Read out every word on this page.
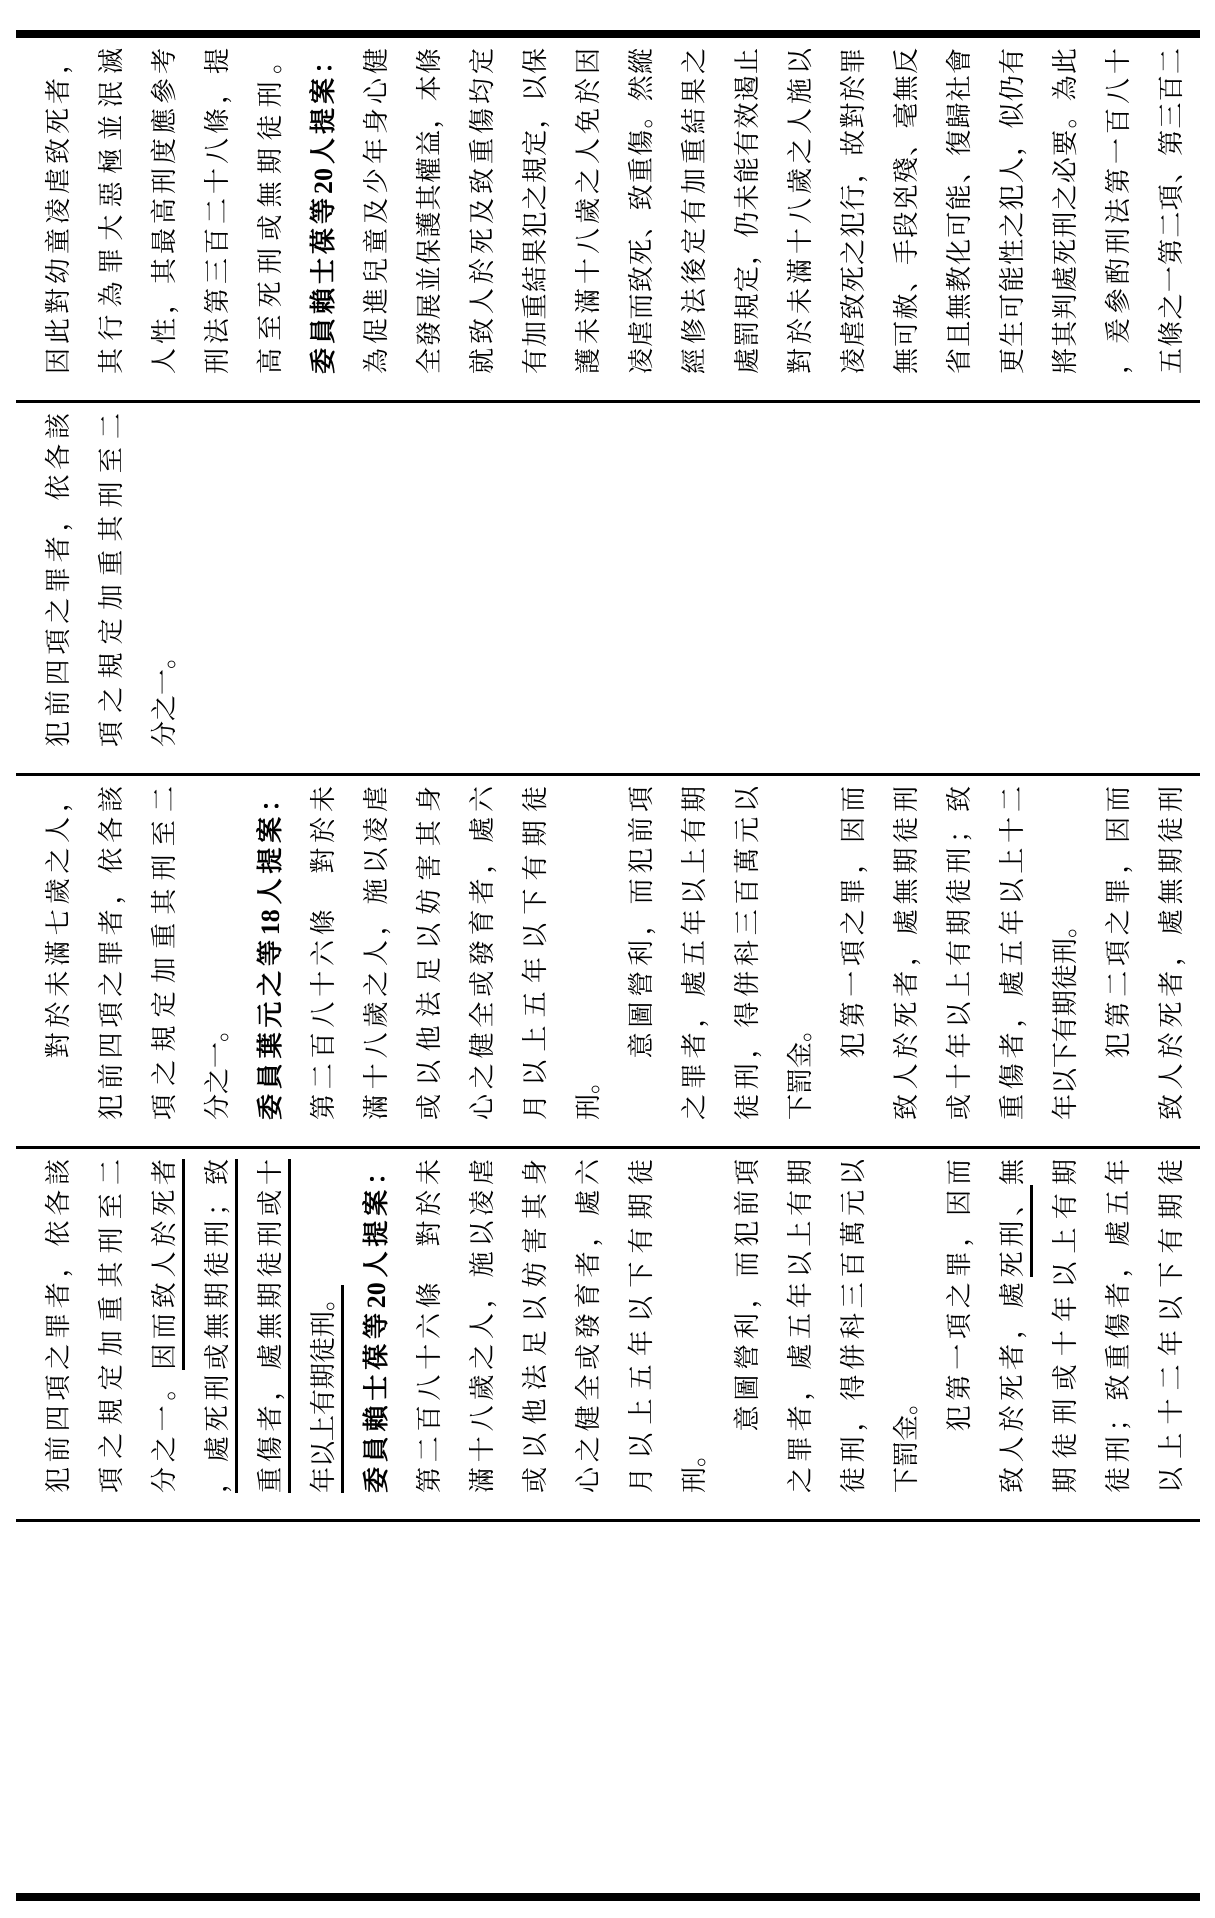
犯前四項之罪者，依各該 項之規定加重其刑至二 分之一。因而致人於死者 ，處死刑或無期徒刑；致 重傷者，處無期徒刑或十 年以上有期徒刑。 委員賴士葆等20人提案： 第二百八十六條　對於未 滿十八歲之人，施以凌虐 或以他法足以妨害其身 心之健全或發育者，處六 月以上五年以下有期徒 刑。 　　意圖營利，而犯前項 之罪者，處五年以上有期 徒刑，得併科三百萬元以 下罰金。 　　犯第一項之罪，因而 致人於死者，處死刑、無 期徒刑或十年以上有期 徒刑；致重傷者，處五年 以上十二年以下有期徒
　　對於未滿七歲之人， 犯前四項之罪者，依各該 項之規定加重其刑至二 分之一。 委員葉元之等18人提案： 第二百八十六條　對於未 滿十八歲之人，施以凌虐 或以他法足以妨害其身 心之健全或發育者，處六 月以上五年以下有期徒 刑。 　　意圖營利，而犯前項 之罪者，處五年以上有期 徒刑，得併科三百萬元以 下罰金。 　　犯第一項之罪，因而 致人於死者，處無期徒刑 或十年以上有期徒刑；致 重傷者，處五年以上十二 年以下有期徒刑。 　　犯第二項之罪，因而 致人於死者，處無期徒刑
犯前四項之罪者，依各該 項之規定加重其刑至二 分之一。
因此對幼童凌虐致死者， 其行為罪大惡極並泯滅 人性，其最高刑度應參考 刑法第三百二十八條，提 高至死刑或無期徒刑。 委員賴士葆等20人提案： 為促進兒童及少年身心健 全發展並保護其權益，本條 就致人於死及致重傷均定 有加重結果犯之規定，以保 護未滿十八歲之人免於因 凌虐而致死、致重傷。然縱 經修法後定有加重結果之 處罰規定，仍未能有效遏止 對於未滿十八歲之人施以 凌虐致死之犯行，故對於罪 無可赦、手段兇殘、毫無反 省且無教化可能、復歸社會 更生可能性之犯人，似仍有 將其判處死刑之必要。為此 ，爰參酌刑法第一百八十 五條之一第二項、第三百二
